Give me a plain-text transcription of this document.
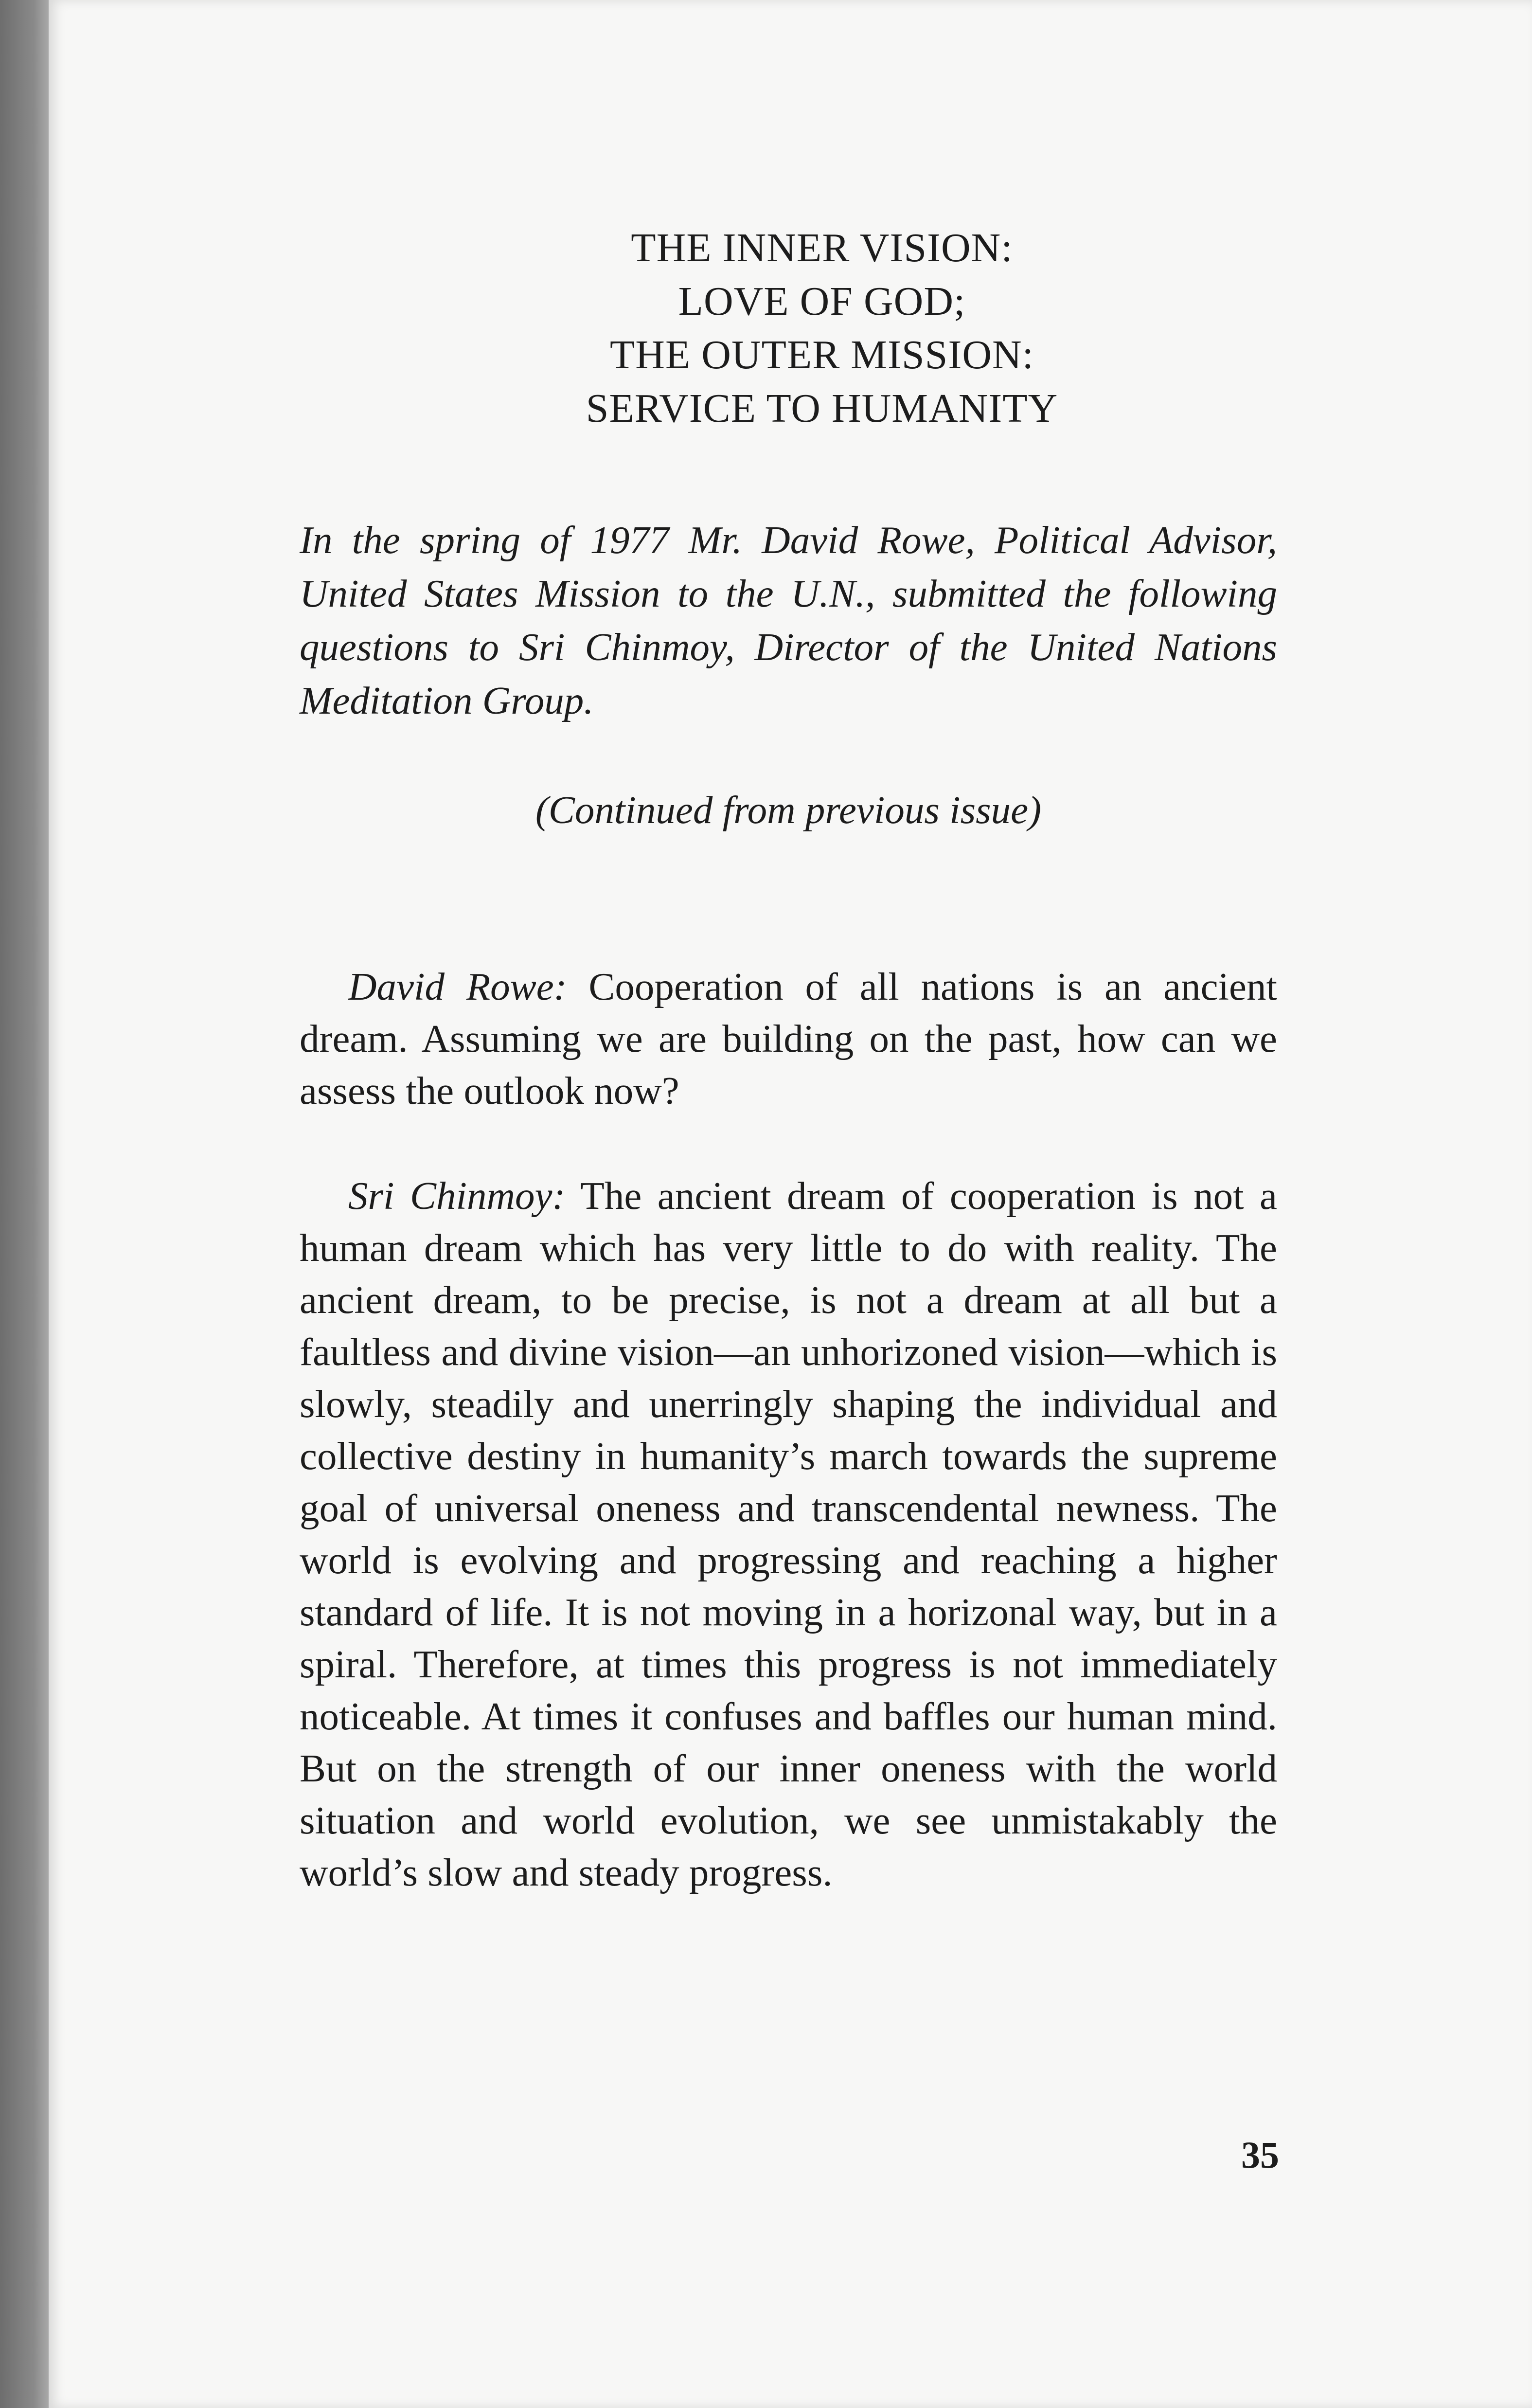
THE INNER VISION:
LOVE OF GOD;
THE OUTER MISSION:
SERVICE TO HUMANITY
In the spring of 1977 Mr. David Rowe, Political Advisor, United States Mission to the U.N., submitted the following questions to Sri Chinmoy, Director of the United Nations Meditation Group.
(Continued from previous issue)

David Rowe: Cooperation of all nations is an ancient dream. Assuming we are building on the past, how can we assess the outlook now?

Sri Chinmoy: The ancient dream of cooperation is not a human dream which has very little to do with reality. The ancient dream, to be precise, is not a dream at all but a faultless and divine vision—an unhorizoned vision—which is slowly, steadily and unerringly shaping the individual and collective destiny in humanity’s march towards the supreme goal of universal oneness and transcendental newness. The world is evolving and progressing and reaching a higher standard of life. It is not moving in a horizonal way, but in a spiral. Therefore, at times this progress is not immediately noticeable. At times it confuses and baffles our human mind. But on the strength of our inner oneness with the world situation and world evolution, we see unmistakably the world’s slow and steady progress.

35
